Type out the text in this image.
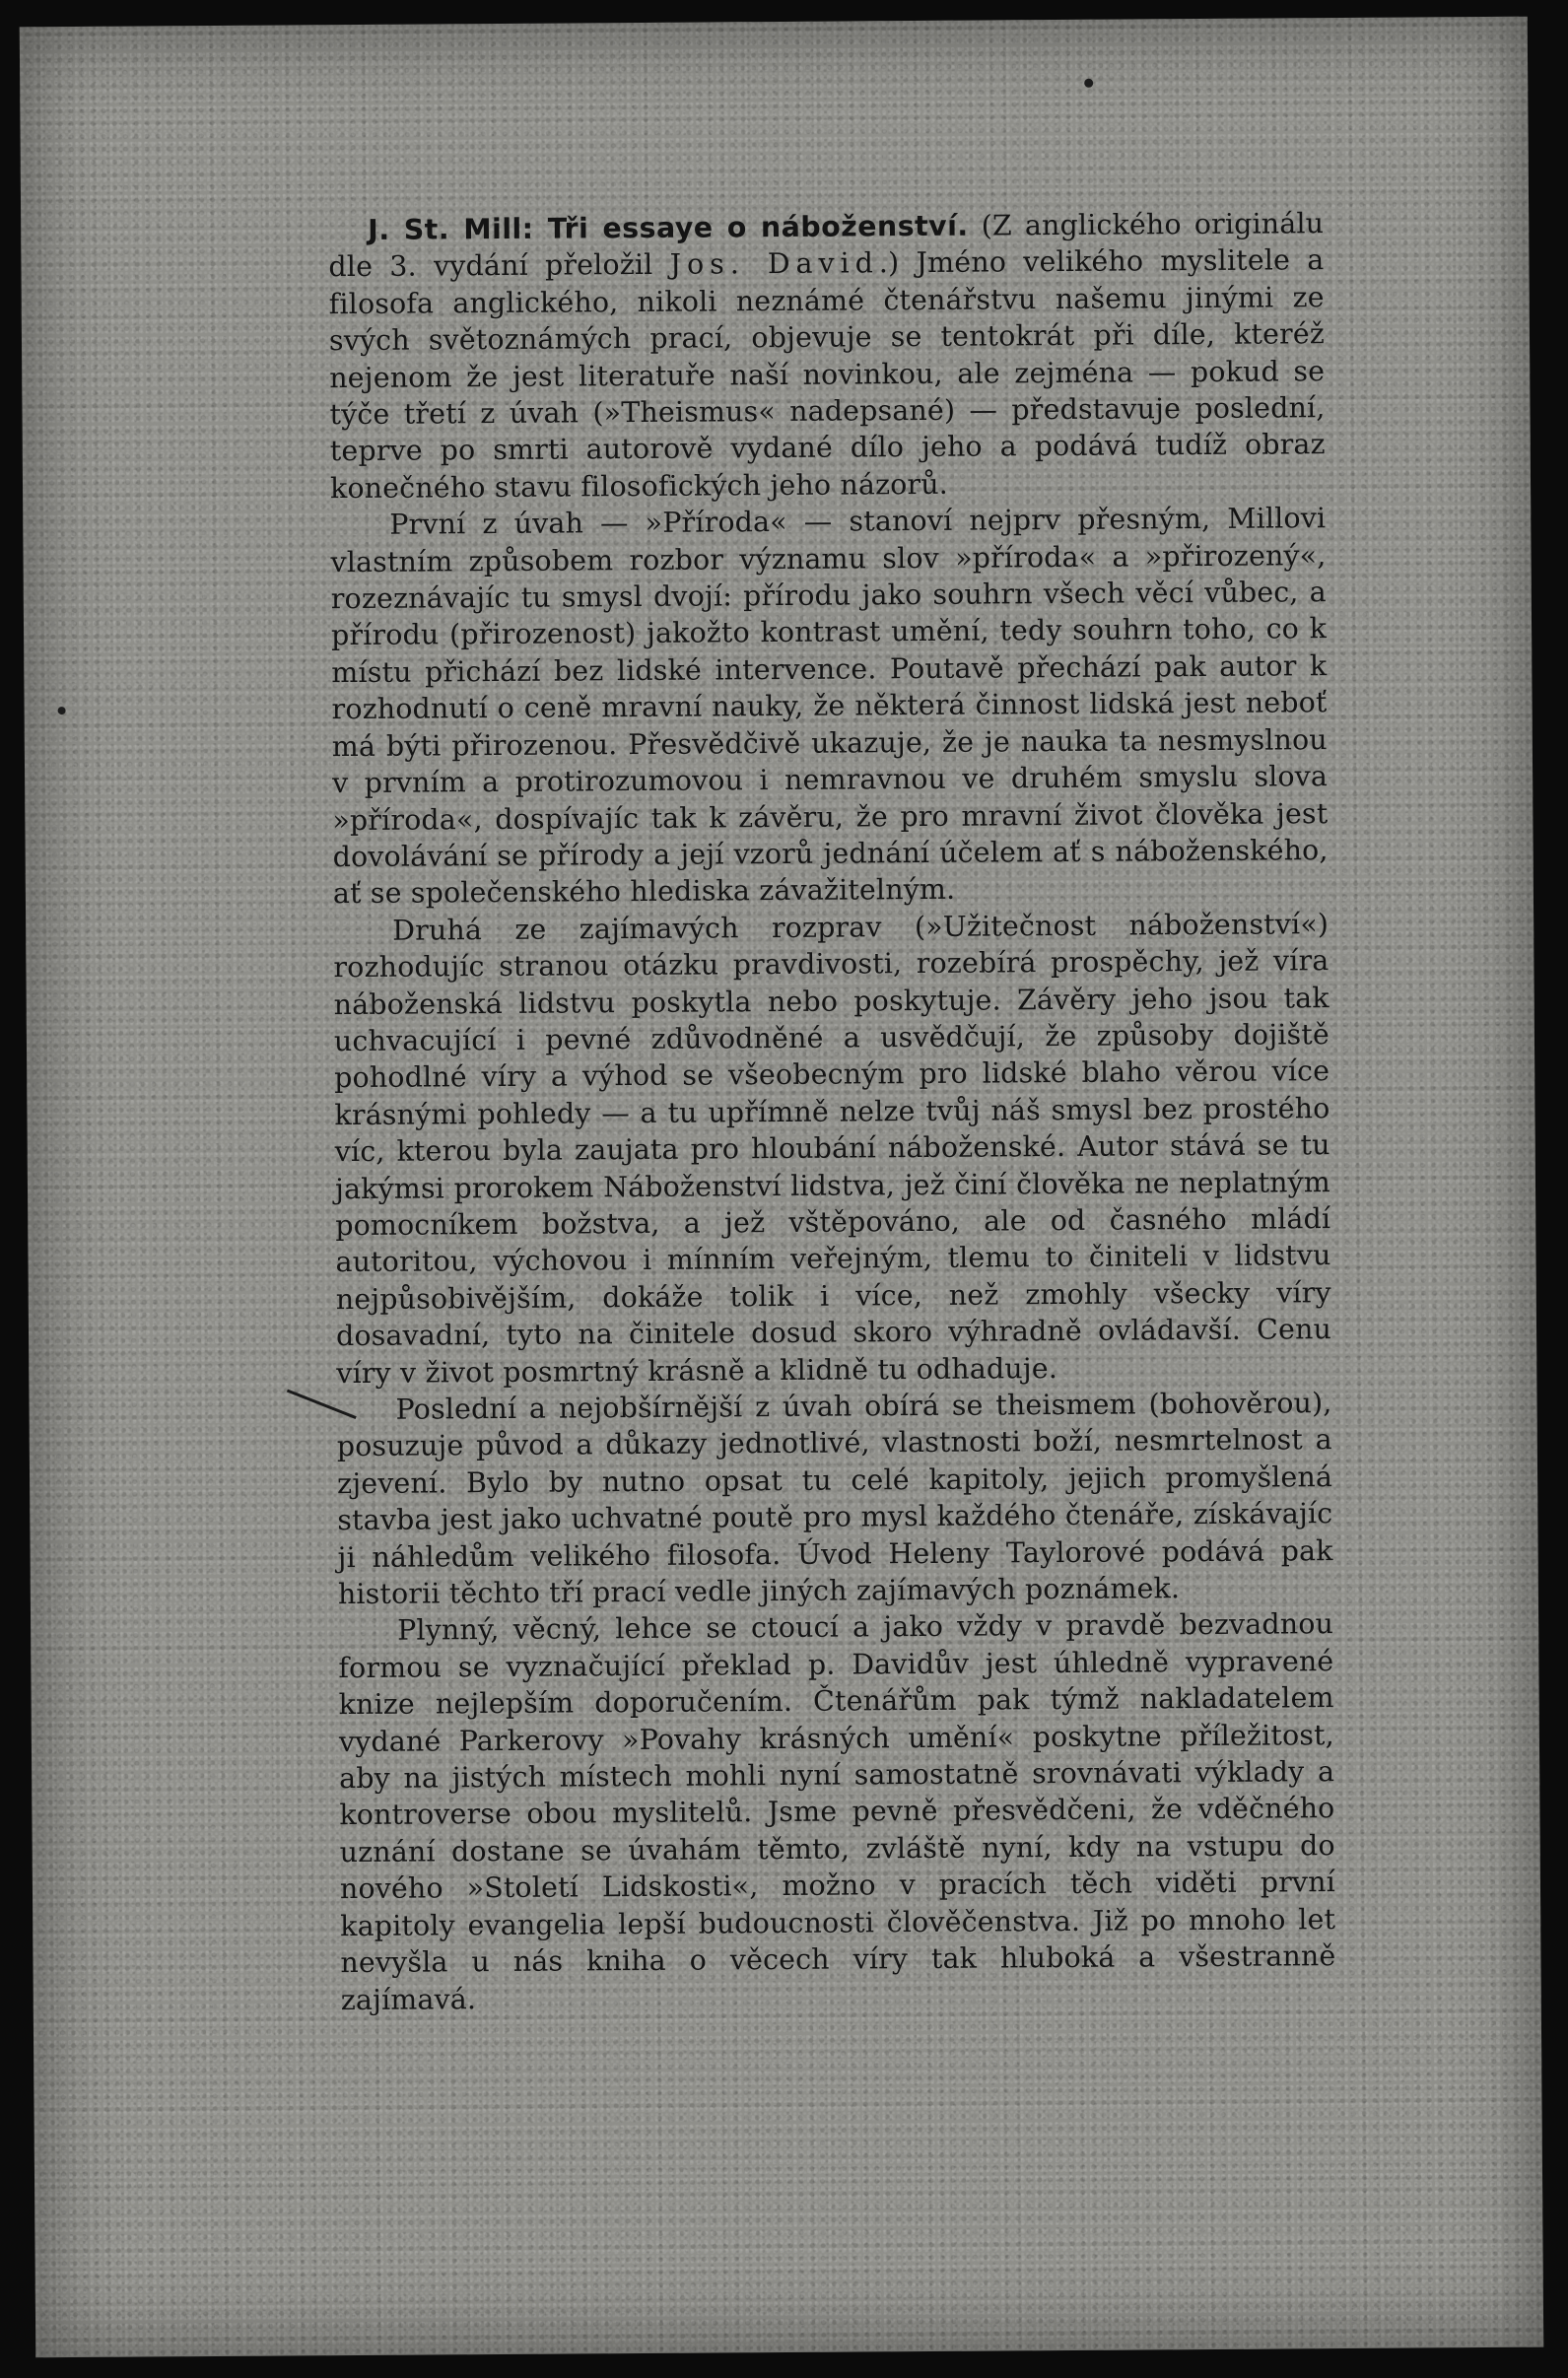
J. St. Mill: Tři essaye o náboženství. (Z anglického originálu dle 3. vydání přeložil Jos. David.) Jméno velikého myslitele a filosofa anglického, nikoli neznámé čtenářstvu našemu jinými ze svých světoznámých prací, objevuje se tentokrát při díle, kteréž nejenom že jest literatuře naší novinkou, ale zejména — pokud se týče třetí z úvah (»Theismus« nadepsané) — představuje poslední, teprve po smrti autorově vydané dílo jeho a podává tudíž obraz konečného stavu filosofických jeho názorů.

První z úvah — »Příroda« — stanoví nejprv přesným, Millovi vlastním způsobem rozbor významu slov »příroda« a »přirozený«, rozeznávajíc tu smysl dvojí: přírodu jako souhrn všech věcí vůbec, a přírodu (přirozenost) jakožto kontrast umění, tedy souhrn toho, co k místu přichází bez lidské intervence. Poutavě přechází pak autor k rozhodnutí o ceně mravní nauky, že některá činnost lidská jest neboť má býti přirozenou. Přesvědčivě ukazuje, že je nauka ta nesmyslnou v prvním a protirozumovou i nemravnou ve druhém smyslu slova »příroda«, dospívajíc tak k závěru, že pro mravní život člověka jest dovolávání se přírody a její vzorů jednání účelem ať s náboženského, ať se společenského hlediska závažitelným.

Druhá ze zajímavých rozprav (»Užitečnost náboženství«) rozhodujíc stranou otázku pravdivosti, rozebírá prospěchy, jež víra náboženská lidstvu poskytla nebo poskytuje. Závěry jeho jsou tak uchvacující i pevné zdůvodněné a usvědčují, že způsoby dojiště pohodlné víry a výhod se všeobecným pro lidské blaho věrou více krásnými pohledy — a tu upřímně nelze tvůj náš smysl bez prostého víc, kterou byla zaujata pro hloubání náboženské. Autor stává se tu jakýmsi prorokem Náboženství lidstva, jež činí člověka ne neplatným pomocníkem božstva, a jež vštěpováno, ale od časného mládí autoritou, výchovou i mínním veřejným, tlemu to činiteli v lidstvu nejpůsobivějším, dokáže tolik i více, než zmohly všecky víry dosavadní, tyto na činitele dosud skoro výhradně ovládavší. Cenu víry v život posmrtný krásně a klidně tu odhaduje.

Poslední a nejobšírnější z úvah obírá se theismem (bohověrou), posuzuje původ a důkazy jednotlivé, vlastnosti boží, nesmrtelnost a zjevení. Bylo by nutno opsat tu celé kapitoly, jejich promyšlená stavba jest jako uchvatné poutě pro mysl každého čtenáře, získávajíc ji náhledům velikého filosofa. Úvod Heleny Taylorové podává pak historii těchto tří prací vedle jiných zajímavých poznámek.

Plynný, věcný, lehce se ctoucí a jako vždy v pravdě bezvadnou formou se vyznačující překlad p. Davidův jest úhledně vypravené knize nejlepším doporučením. Čtenářům pak týmž nakladatelem vydané Parkerovy »Povahy krásných umění« poskytne příležitost, aby na jistých místech mohli nyní samostatně srovnávati výklady a kontroverse obou myslitelů. Jsme pevně přesvědčeni, že vděčného uznání dostane se úvahám těmto, zvláště nyní, kdy na vstupu do nového »Století Lidskosti«, možno v pracích těch viděti první kapitoly evangelia lepší budoucnosti člověčenstva. Již po mnoho let nevyšla u nás kniha o věcech víry tak hluboká a všestranně zajímavá.
